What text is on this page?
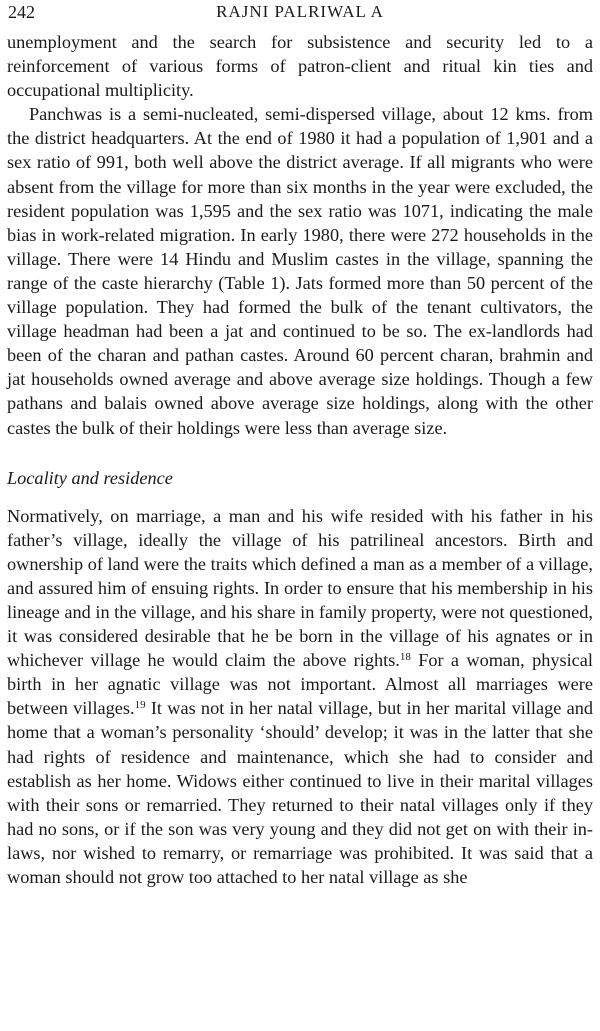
242	RAJNI PALRIWAL A

unemployment and the search for subsistence and security led to a reinforcement of various forms of patron-client and ritual kin ties and occupational multiplicity.

Panchwas is a semi-nucleated, semi-dispersed village, about 12 kms. from the district headquarters. At the end of 1980 it had a population of 1,901 and a sex ratio of 991, both well above the district average. If all migrants who were absent from the village for more than six months in the year were excluded, the resident population was 1,595 and the sex ratio was 1071, indicating the male bias in work-related migration. In early 1980, there were 272 households in the village. There were 14 Hindu and Muslim castes in the village, spanning the range of the caste hierarchy (Table 1). Jats formed more than 50 percent of the village population. They had formed the bulk of the tenant cultivators, the village headman had been a jat and continued to be so. The ex-landlords had been of the charan and pathan castes. Around 60 percent charan, brahmin and jat households owned average and above average size holdings. Though a few pathans and balais owned above average size holdings, along with the other castes the bulk of their holdings were less than average size.

Locality and residence

Normatively, on marriage, a man and his wife resided with his father in his father’s village, ideally the village of his patrilineal ancestors. Birth and ownership of land were the traits which defined a man as a member of a village, and assured him of ensuing rights. In order to ensure that his membership in his lineage and in the village, and his share in family property, were not questioned, it was considered desirable that he be born in the village of his agnates or in whichever village he would claim the above rights.$^{18}$ For a woman, physical birth in her agnatic village was not important. Almost all marriages were between villages.$^{19}$ It was not in her natal village, but in her marital village and home that a woman’s personality ‘should’ develop; it was in the latter that she had rights of residence and maintenance, which she had to consider and establish as her home. Widows either continued to live in their marital villages with their sons or remarried. They returned to their natal villages only if they had no sons, or if the son was very young and they did not get on with their in-laws, nor wished to remarry, or remarriage was prohibited. It was said that a woman should not grow too attached to her natal village as she
